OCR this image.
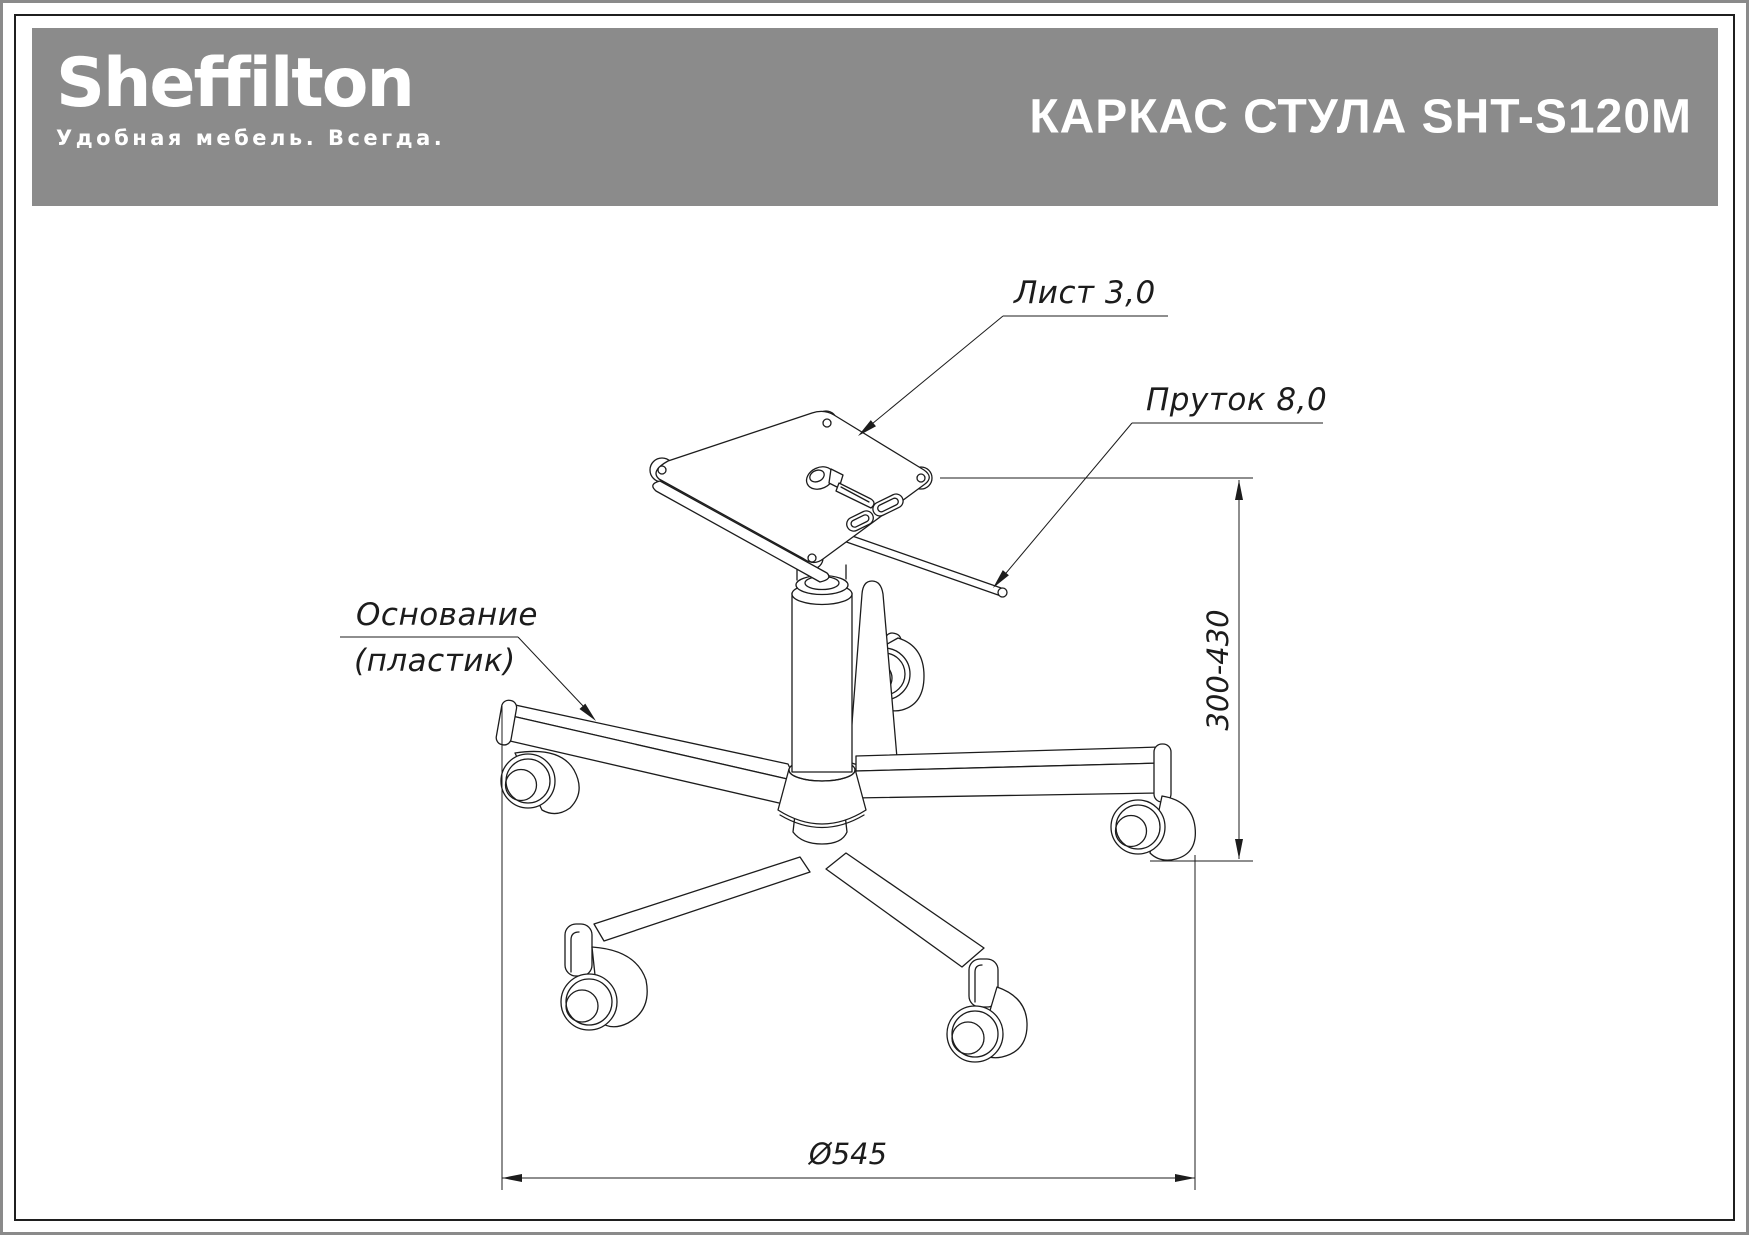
Sheffilton
Удобная мебель. Всегда.	КАРКАС СТУЛА SHT-S120M
300-430
Ø545
Лист 3,0
Пруток 8,0
Основание
(пластик)
